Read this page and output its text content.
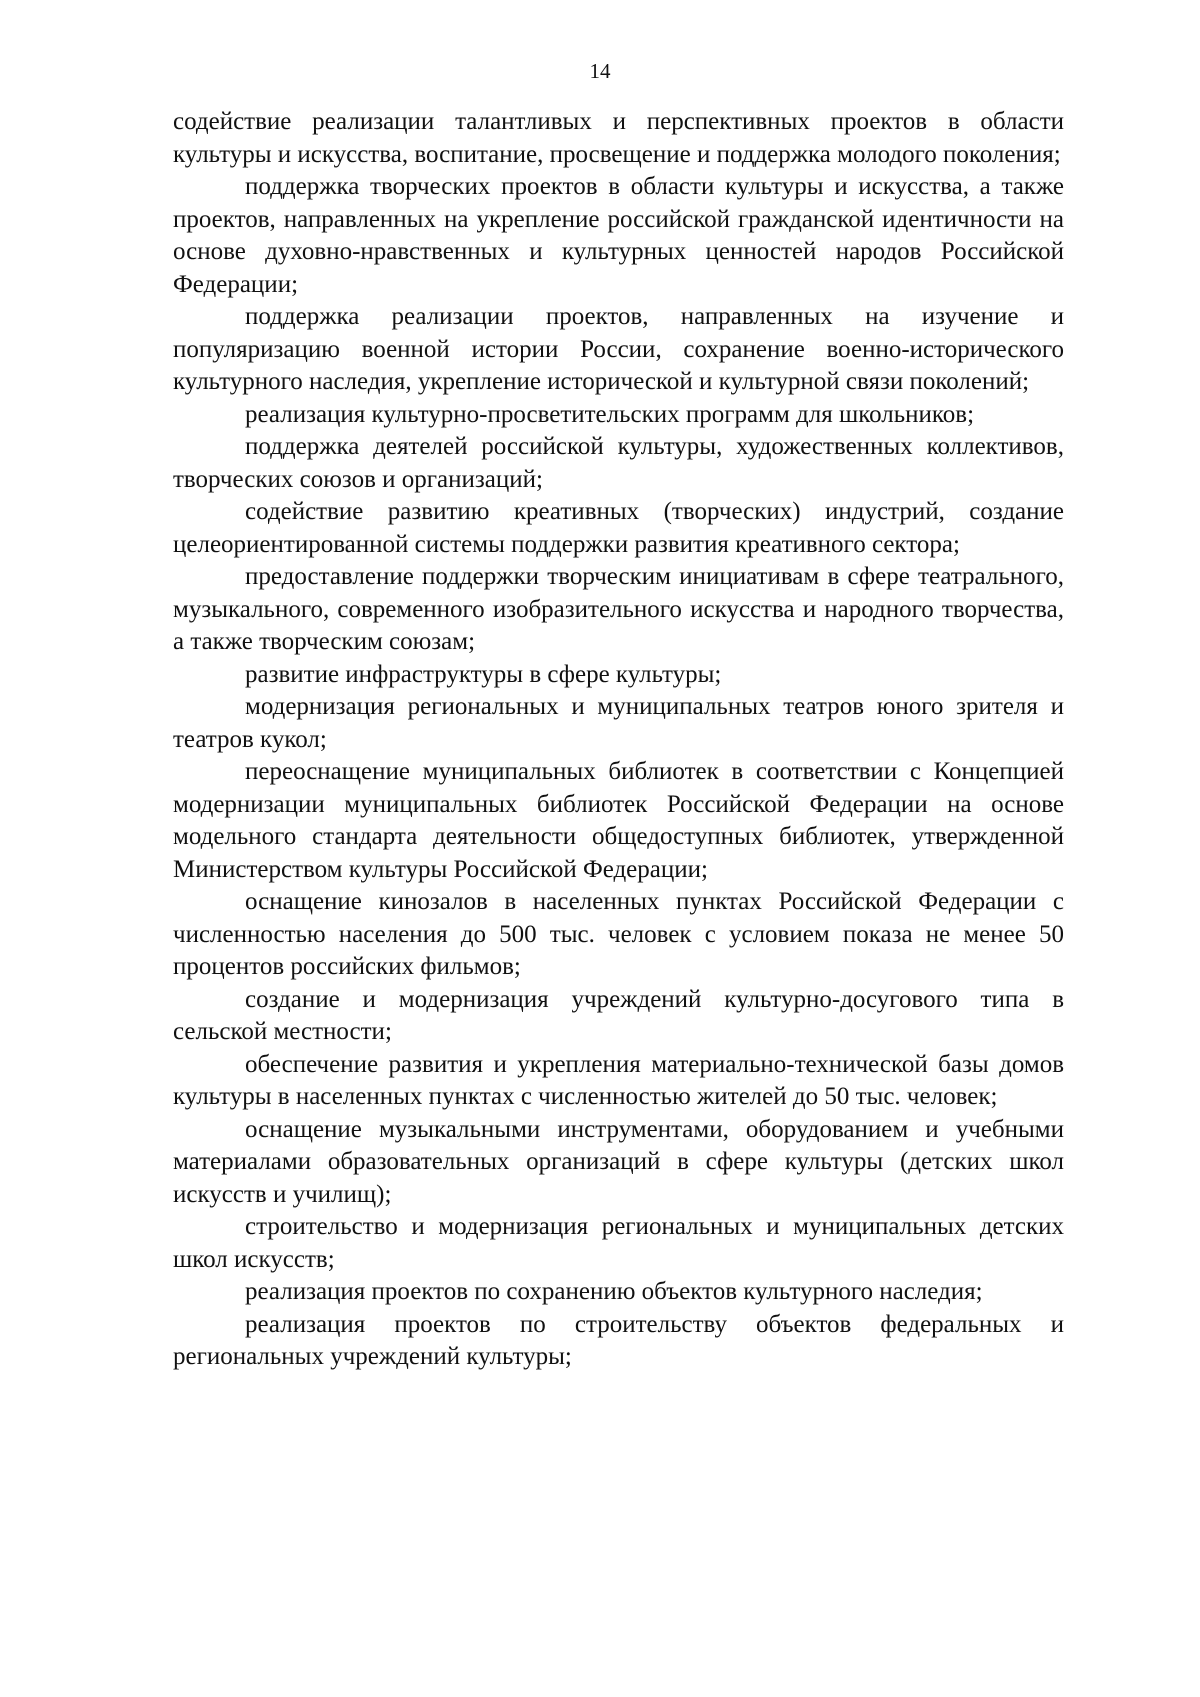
14

содействие реализации талантливых и перспективных проектов в области культуры и искусства, воспитание, просвещение и поддержка молодого поколения;

поддержка творческих проектов в области культуры и искусства, а также проектов, направленных на укрепление российской гражданской идентичности на основе духовно-нравственных и культурных ценностей народов Российской Федерации;

поддержка реализации проектов, направленных на изучение и популяризацию военной истории России, сохранение военно-исторического культурного наследия, укрепление исторической и культурной связи поколений;

реализация культурно-просветительских программ для школьников;

поддержка деятелей российской культуры, художественных коллективов, творческих союзов и организаций;

содействие развитию креативных (творческих) индустрий, создание целеориентированной системы поддержки развития креативного сектора;

предоставление поддержки творческим инициативам в сфере театрального, музыкального, современного изобразительного искусства и народного творчества, а также творческим союзам;

развитие инфраструктуры в сфере культуры;

модернизация региональных и муниципальных театров юного зрителя и театров кукол;

переоснащение муниципальных библиотек в соответствии с Концепцией модернизации муниципальных библиотек Российской Федерации на основе модельного стандарта деятельности общедоступных библиотек, утвержденной Министерством культуры Российской Федерации;

оснащение кинозалов в населенных пунктах Российской Федерации с численностью населения до 500 тыс. человек с условием показа не менее 50 процентов российских фильмов;

создание и модернизация учреждений культурно-досугового типа в сельской местности;

обеспечение развития и укрепления материально-технической базы домов культуры в населенных пунктах с численностью жителей до 50 тыс. человек;

оснащение музыкальными инструментами, оборудованием и учебными материалами образовательных организаций в сфере культуры (детских школ искусств и училищ);

строительство и модернизация региональных и муниципальных детских школ искусств;

реализация проектов по сохранению объектов культурного наследия;

реализация проектов по строительству объектов федеральных и региональных учреждений культуры;
